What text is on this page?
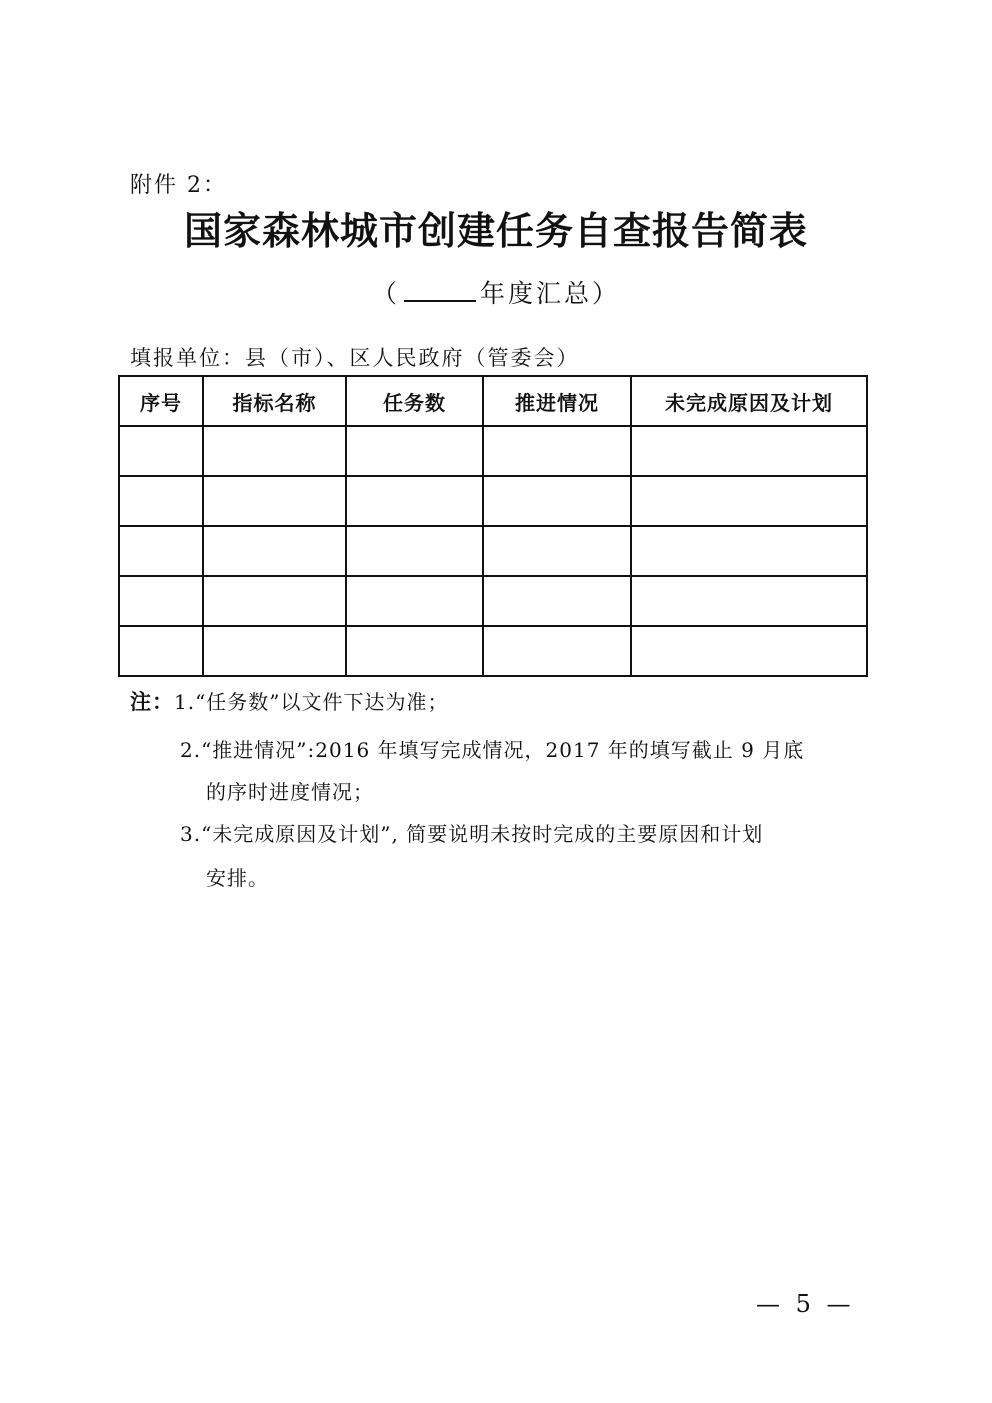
附件 2：
国家森林城市创建任务自查报告简表
（	年度汇总）
填报单位：县（市）、区人民政府（管委会）
序号	指标名称	任务数	推进情况	未完成原因及计划

注：1.“任务数”以文件下达为准；
2.“推进情况”:2016 年填写完成情况，2017 年的填写截止 9 月底
的序时进度情况；
3.“未完成原因及计划”, 简要说明未按时完成的主要原因和计划
安排。
— 5 —
